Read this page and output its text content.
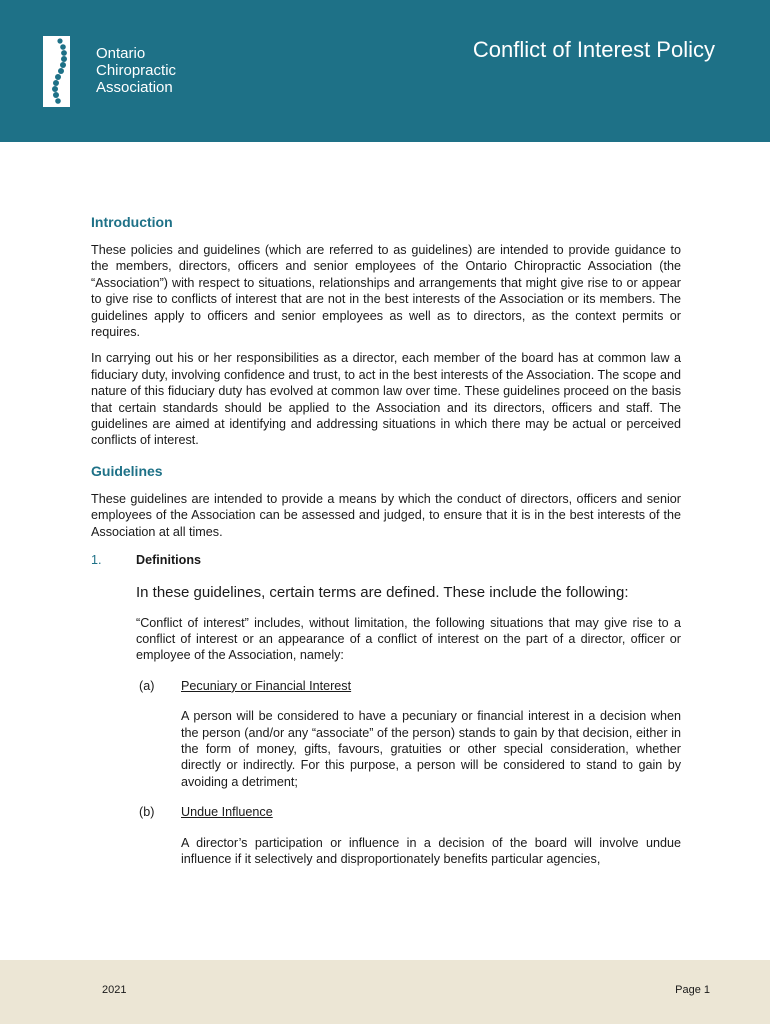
Ontario
Chiropractic
Association
Conflict of Interest Policy
Introduction

These policies and guidelines (which are referred to as guidelines) are intended to provide guidance to the members, directors, officers and senior employees of the Ontario Chiropractic Association (the “Association”) with respect to situations, relationships and arrangements that might give rise to or appear to give rise to conflicts of interest that are not in the best interests of the Association or its members. The guidelines apply to officers and senior employees as well as to directors, as the context permits or requires.

In carrying out his or her responsibilities as a director, each member of the board has at common law a fiduciary duty, involving confidence and trust, to act in the best interests of the Association. The scope and nature of this fiduciary duty has evolved at common law over time. These guidelines proceed on the basis that certain standards should be applied to the Association and its directors, officers and staff. The guidelines are aimed at identifying and addressing situations in which there may be actual or perceived conflicts of interest.

Guidelines

These guidelines are intended to provide a means by which the conduct of directors, officers and senior employees of the Association can be assessed and judged, to ensure that it is in the best interests of the Association at all times.

1.	Definitions
In these guidelines, certain terms are defined. These include the following:

“Conflict of interest” includes, without limitation, the following situations that may give rise to a conflict of interest or an appearance of a conflict of interest on the part of a director, officer or employee of the Association, namely:

(a)	Pecuniary or Financial Interest

A person will be considered to have a pecuniary or financial interest in a decision when the person (and/or any “associate” of the person) stands to gain by that decision, either in the form of money, gifts, favours, gratuities or other special consideration, whether directly or indirectly. For this purpose, a person will be considered to stand to gain by avoiding a detriment;

(b)	Undue Influence

A director’s participation or influence in a decision of the board will involve undue influence if it selectively and disproportionately benefits particular agencies,

2021	Page 1
